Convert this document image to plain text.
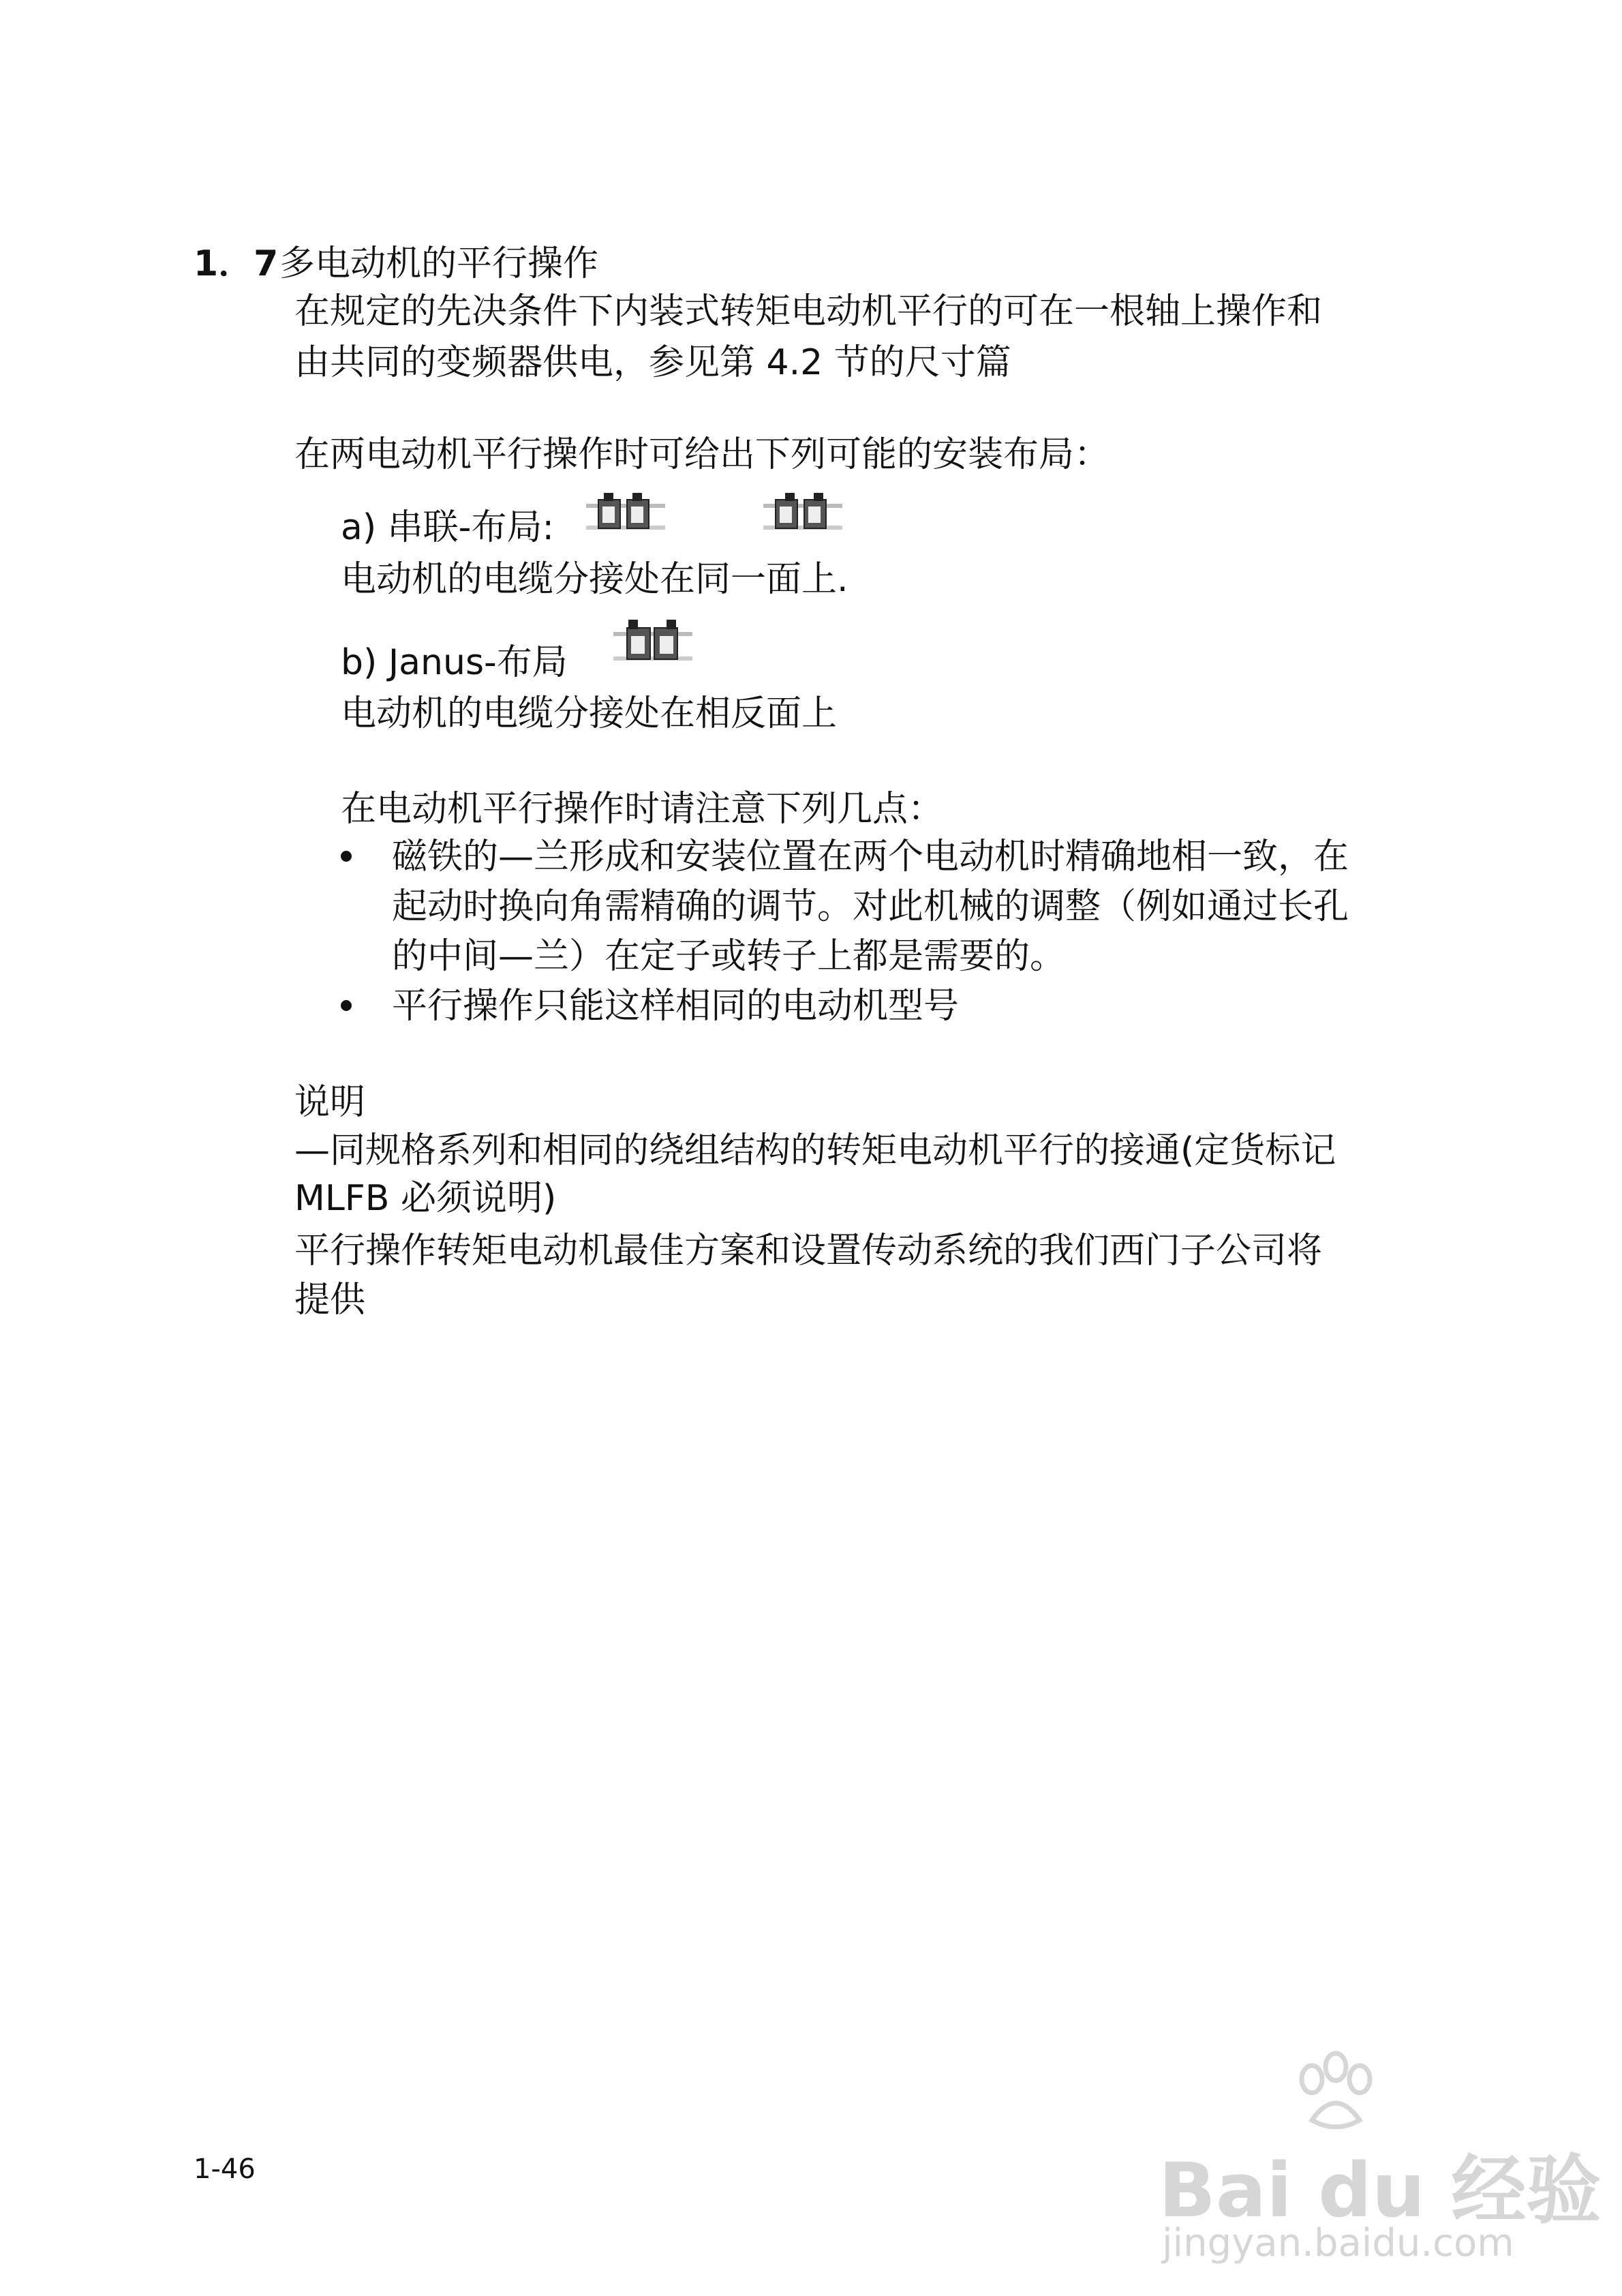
1．7 多电动机的平行操作
在规定的先决条件下内装式转矩电动机平行的可在一根轴上操作和
由共同的变频器供电，参见第 4.2 节的尺寸篇
在两电动机平行操作时可给出下列可能的安装布局：
a) 串联-布局:
电动机的电缆分接处在同一面上.
b) Janus-布局
电动机的电缆分接处在相反面上
在电动机平行操作时请注意下列几点：
磁铁的—兰形成和安装位置在两个电动机时精确地相一致，在
起动时换向角需精确的调节。对此机械的调整（例如通过长孔
的中间—兰）在定子或转子上都是需要的。
平行操作只能这样相同的电动机型号
说明
—同规格系列和相同的绕组结构的转矩电动机平行的接通(定货标记
MLFB 必须说明)
平行操作转矩电动机最佳方案和设置传动系统的我们西门子公司将
提供
1-46	Bai du 经验
jingyan.baidu.com
